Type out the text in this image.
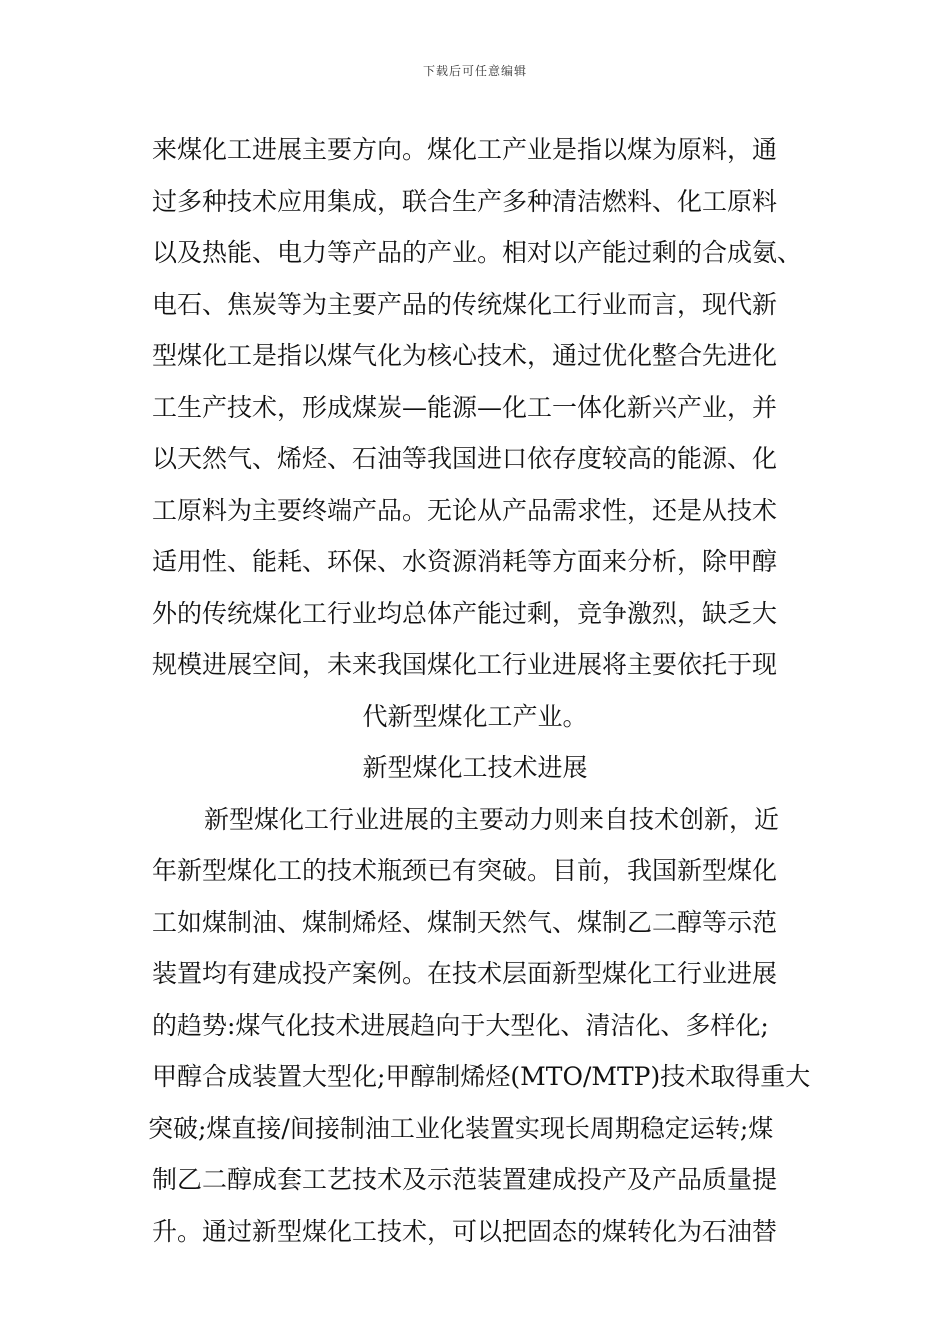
下载后可任意编辑
来煤化工进展主要方向。煤化工产业是指以煤为原料，通
过多种技术应用集成，联合生产多种清洁燃料、化工原料
以及热能、电力等产品的产业。相对以产能过剩的合成氨、
电石、焦炭等为主要产品的传统煤化工行业而言，现代新
型煤化工是指以煤气化为核心技术，通过优化整合先进化
工生产技术，形成煤炭—能源—化工一体化新兴产业，并
以天然气、烯烃、石油等我国进口依存度较高的能源、化
工原料为主要终端产品。无论从产品需求性，还是从技术
适用性、能耗、环保、水资源消耗等方面来分析，除甲醇
外的传统煤化工行业均总体产能过剩，竞争激烈，缺乏大
规模进展空间，未来我国煤化工行业进展将主要依托于现
代新型煤化工产业。
新型煤化工技术进展
新型煤化工行业进展的主要动力则来自技术创新，近
年新型煤化工的技术瓶颈已有突破。目前，我国新型煤化
工如煤制油、煤制烯烃、煤制天然气、煤制乙二醇等示范
装置均有建成投产案例。在技术层面新型煤化工行业进展
的趋势:煤气化技术进展趋向于大型化、清洁化、多样化;
甲醇合成装置大型化;甲醇制烯烃(MTO/MTP)技术取得重大
突破;煤直接/间接制油工业化装置实现长周期稳定运转;煤
制乙二醇成套工艺技术及示范装置建成投产及产品质量提
升。通过新型煤化工技术，可以把固态的煤转化为石油替
